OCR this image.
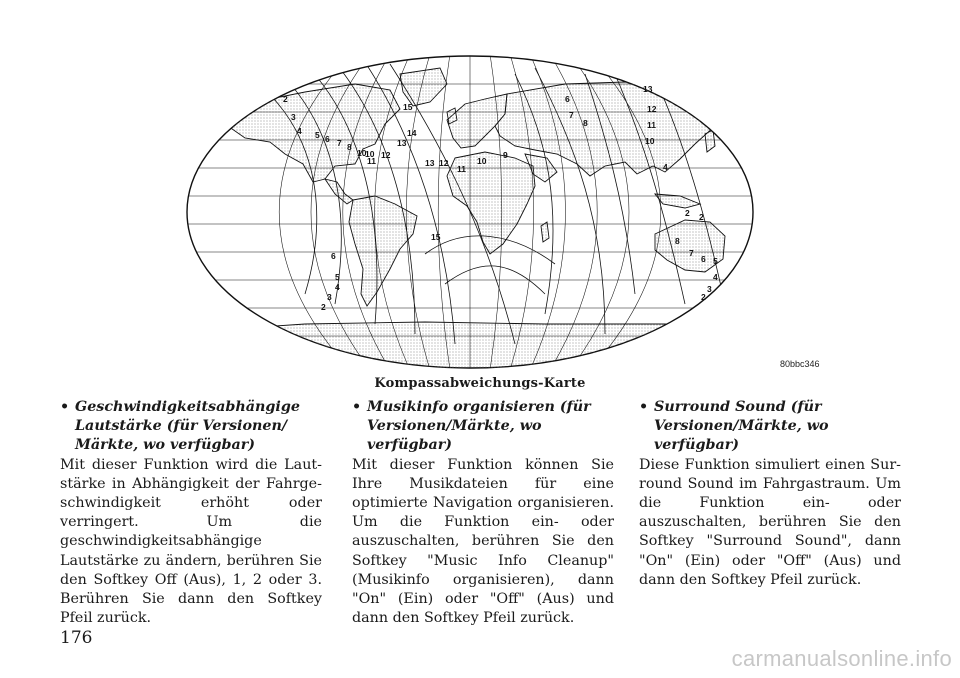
2
3
4 5 6 7 8
10
10
11
12
13
14
15
13 12
11
10
9
6
7
8
13
12
11
10
15
6
5
4
3
2
8
7
6 5
4
3
2
2 2
4
80bbc346
Kompassabweichungs-Karte
• Geschwindigkeitsabhängige Lautstärke (für Versionen/ Märkte, wo verfügbar)
Mit dieser Funktion wird die Lautstärke in Abhängigkeit der Fahrgeschwindigkeit erhöht oder verringert. Um die geschwindigkeitsabhängige Lautstärke zu ändern, berühren Sie den Softkey Off (Aus), 1, 2 oder 3. Berühren Sie dann den Softkey Pfeil zurück.
• Musikinfo organisieren (für Versionen/Märkte, wo verfügbar)
Mit dieser Funktion können Sie Ihre Musikdateien für eine optimierte Navigation organisieren. Um die Funktion ein- oder auszuschalten, berühren Sie den Softkey "Music Info Cleanup" (Musikinfo organisieren), dann "On" (Ein) oder "Off" (Aus) und dann den Softkey Pfeil zurück.
• Surround Sound (für Versionen/Märkte, wo verfügbar)
Diese Funktion simuliert einen Surround Sound im Fahrgastraum. Um die Funktion ein- oder auszuschalten, berühren Sie den Softkey "Surround Sound", dann "On" (Ein) oder "Off" (Aus) und dann den Softkey Pfeil zurück.
176
carmanualsonline.info
